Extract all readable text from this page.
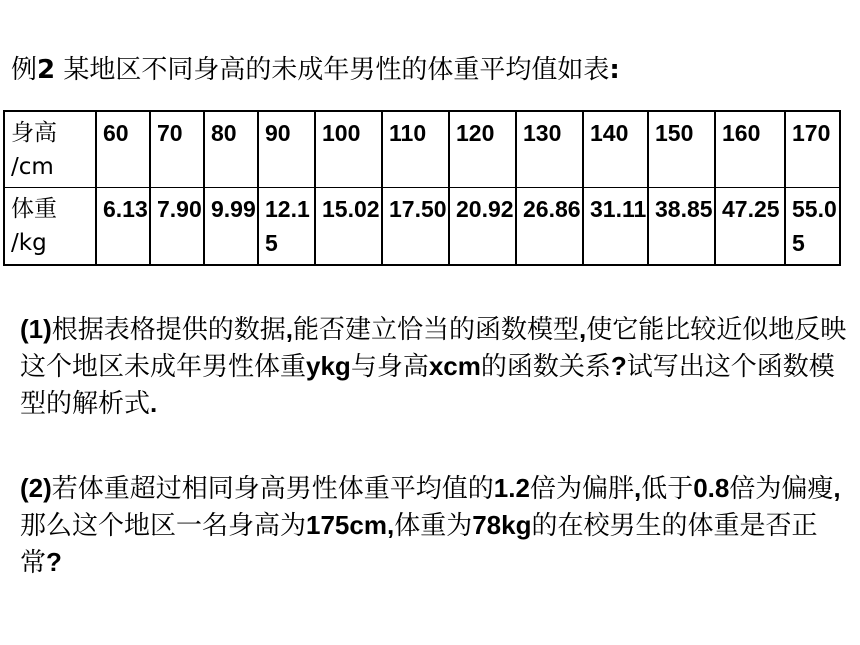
例2 某地区不同身高的未成年男性的体重平均值如表:
身高
/cm	60	70	80	90	100	110	120	130	140	150	160	170
体重
/kg	6.13	7.90	9.99	12.15	15.02	17.50	20.92	26.86	31.11	38.85	47.25	55.05
(1)根据表格提供的数据,能否建立恰当的函数模型,使它能比较近似地反映这个地区未成年男性体重ykg与身高xcm的函数关系?试写出这个函数模型的解析式.
(2)若体重超过相同身高男性体重平均值的1.2倍为偏胖,低于0.8倍为偏瘦,那么这个地区一名身高为175cm,体重为78kg的在校男生的体重是否正常?
